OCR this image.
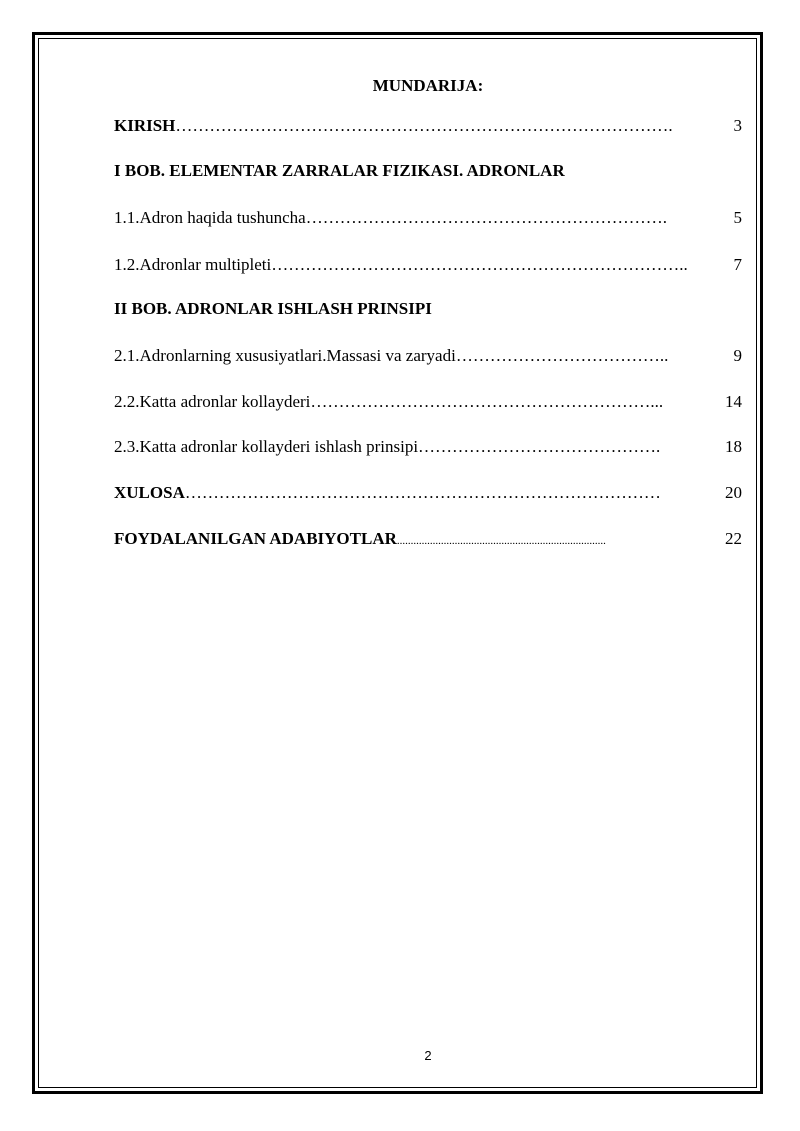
MUNDARIJA:
KIRISH …………………………………………………………………………….	3
I BOB. ELEMENTAR ZARRALAR FIZIKASI. ADRONLAR
1.1.Adron haqida tushuncha ……………………………………………………….	5
1.2.Adronlar multipleti ………………………………………………………………..	7
II BOB. ADRONLAR ISHLASH PRINSIPI
2.1.Adronlarning xususiyatlari.Massasi va zaryadi ………………………………..	9
2.2.Katta adronlar kollayderi ……………………………………………………...	14
2.3.Katta adronlar kollayderi ishlash prinsipi …………………………………….	18
XULOSA …………………………………………………………………………	20
FOYDALANILGAN ADABIYOTLAR ............................................................................	22
2
